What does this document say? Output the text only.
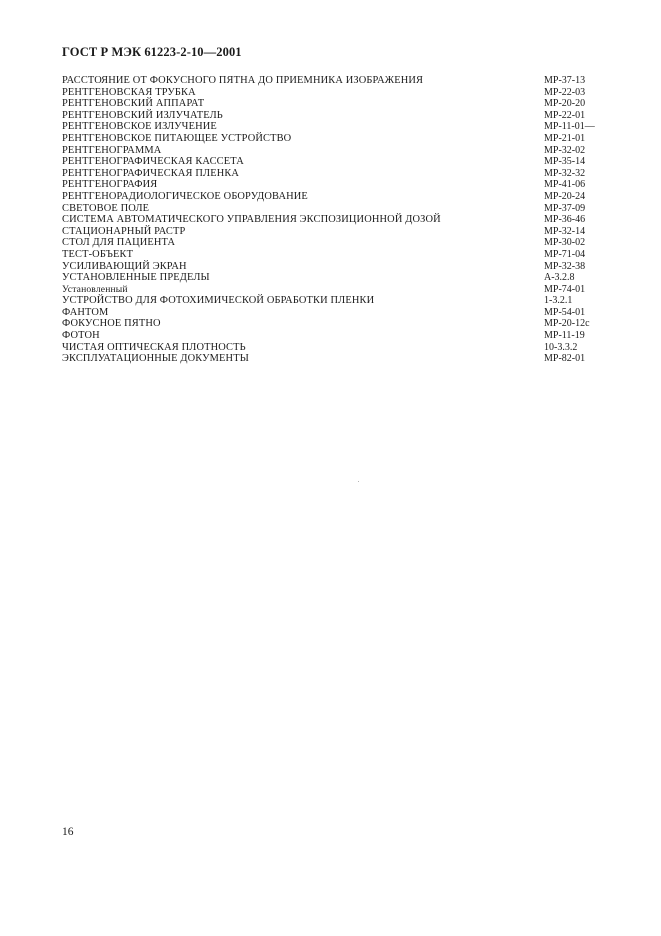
ГОСТ Р МЭК 61223-2-10—2001
РАССТОЯНИЕ ОТ ФОКУСНОГО ПЯТНА ДО ПРИЕМНИКА ИЗОБРАЖЕНИЯ	МР-37-13
РЕНТГЕНОВСКАЯ ТРУБКА	МР-22-03
РЕНТГЕНОВСКИЙ АППАРАТ	МР-20-20
РЕНТГЕНОВСКИЙ ИЗЛУЧАТЕЛЬ	МР-22-01
РЕНТГЕНОВСКОЕ ИЗЛУЧЕНИЕ	МР-11-01—
РЕНТГЕНОВСКОЕ ПИТАЮЩЕЕ УСТРОЙСТВО	МР-21-01
РЕНТГЕНОГРАММА	МР-32-02
РЕНТГЕНОГРАФИЧЕСКАЯ КАССЕТА	МР-35-14
РЕНТГЕНОГРАФИЧЕСКАЯ ПЛЕНКА	МР-32-32
РЕНТГЕНОГРАФИЯ	МР-41-06
РЕНТГЕНОРАДИОЛОГИЧЕСКОЕ ОБОРУДОВАНИЕ	МР-20-24
СВЕТОВОЕ ПОЛЕ	МР-37-09
СИСТЕМА АВТОМАТИЧЕСКОГО УПРАВЛЕНИЯ ЭКСПОЗИЦИОННОЙ ДОЗОЙ	МР-36-46
СТАЦИОНАРНЫЙ РАСТР	МР-32-14
СТОЛ ДЛЯ ПАЦИЕНТА	МР-30-02
ТЕСТ-ОБЪЕКТ	МР-71-04
УСИЛИВАЮЩИЙ ЭКРАН	МР-32-38
УСТАНОВЛЕННЫЕ ПРЕДЕЛЫ	А-3.2.8
Установленный	МР-74-01
УСТРОЙСТВО ДЛЯ ФОТОХИМИЧЕСКОЙ ОБРАБОТКИ ПЛЕНКИ	1-3.2.1
ФАНТОМ	МР-54-01
ФОКУСНОЕ ПЯТНО	МР-20-12с
ФОТОН	МР-11-19
ЧИСТАЯ ОПТИЧЕСКАЯ ПЛОТНОСТЬ	10-3.3.2
ЭКСПЛУАТАЦИОННЫЕ ДОКУМЕНТЫ	МР-82-01
16
